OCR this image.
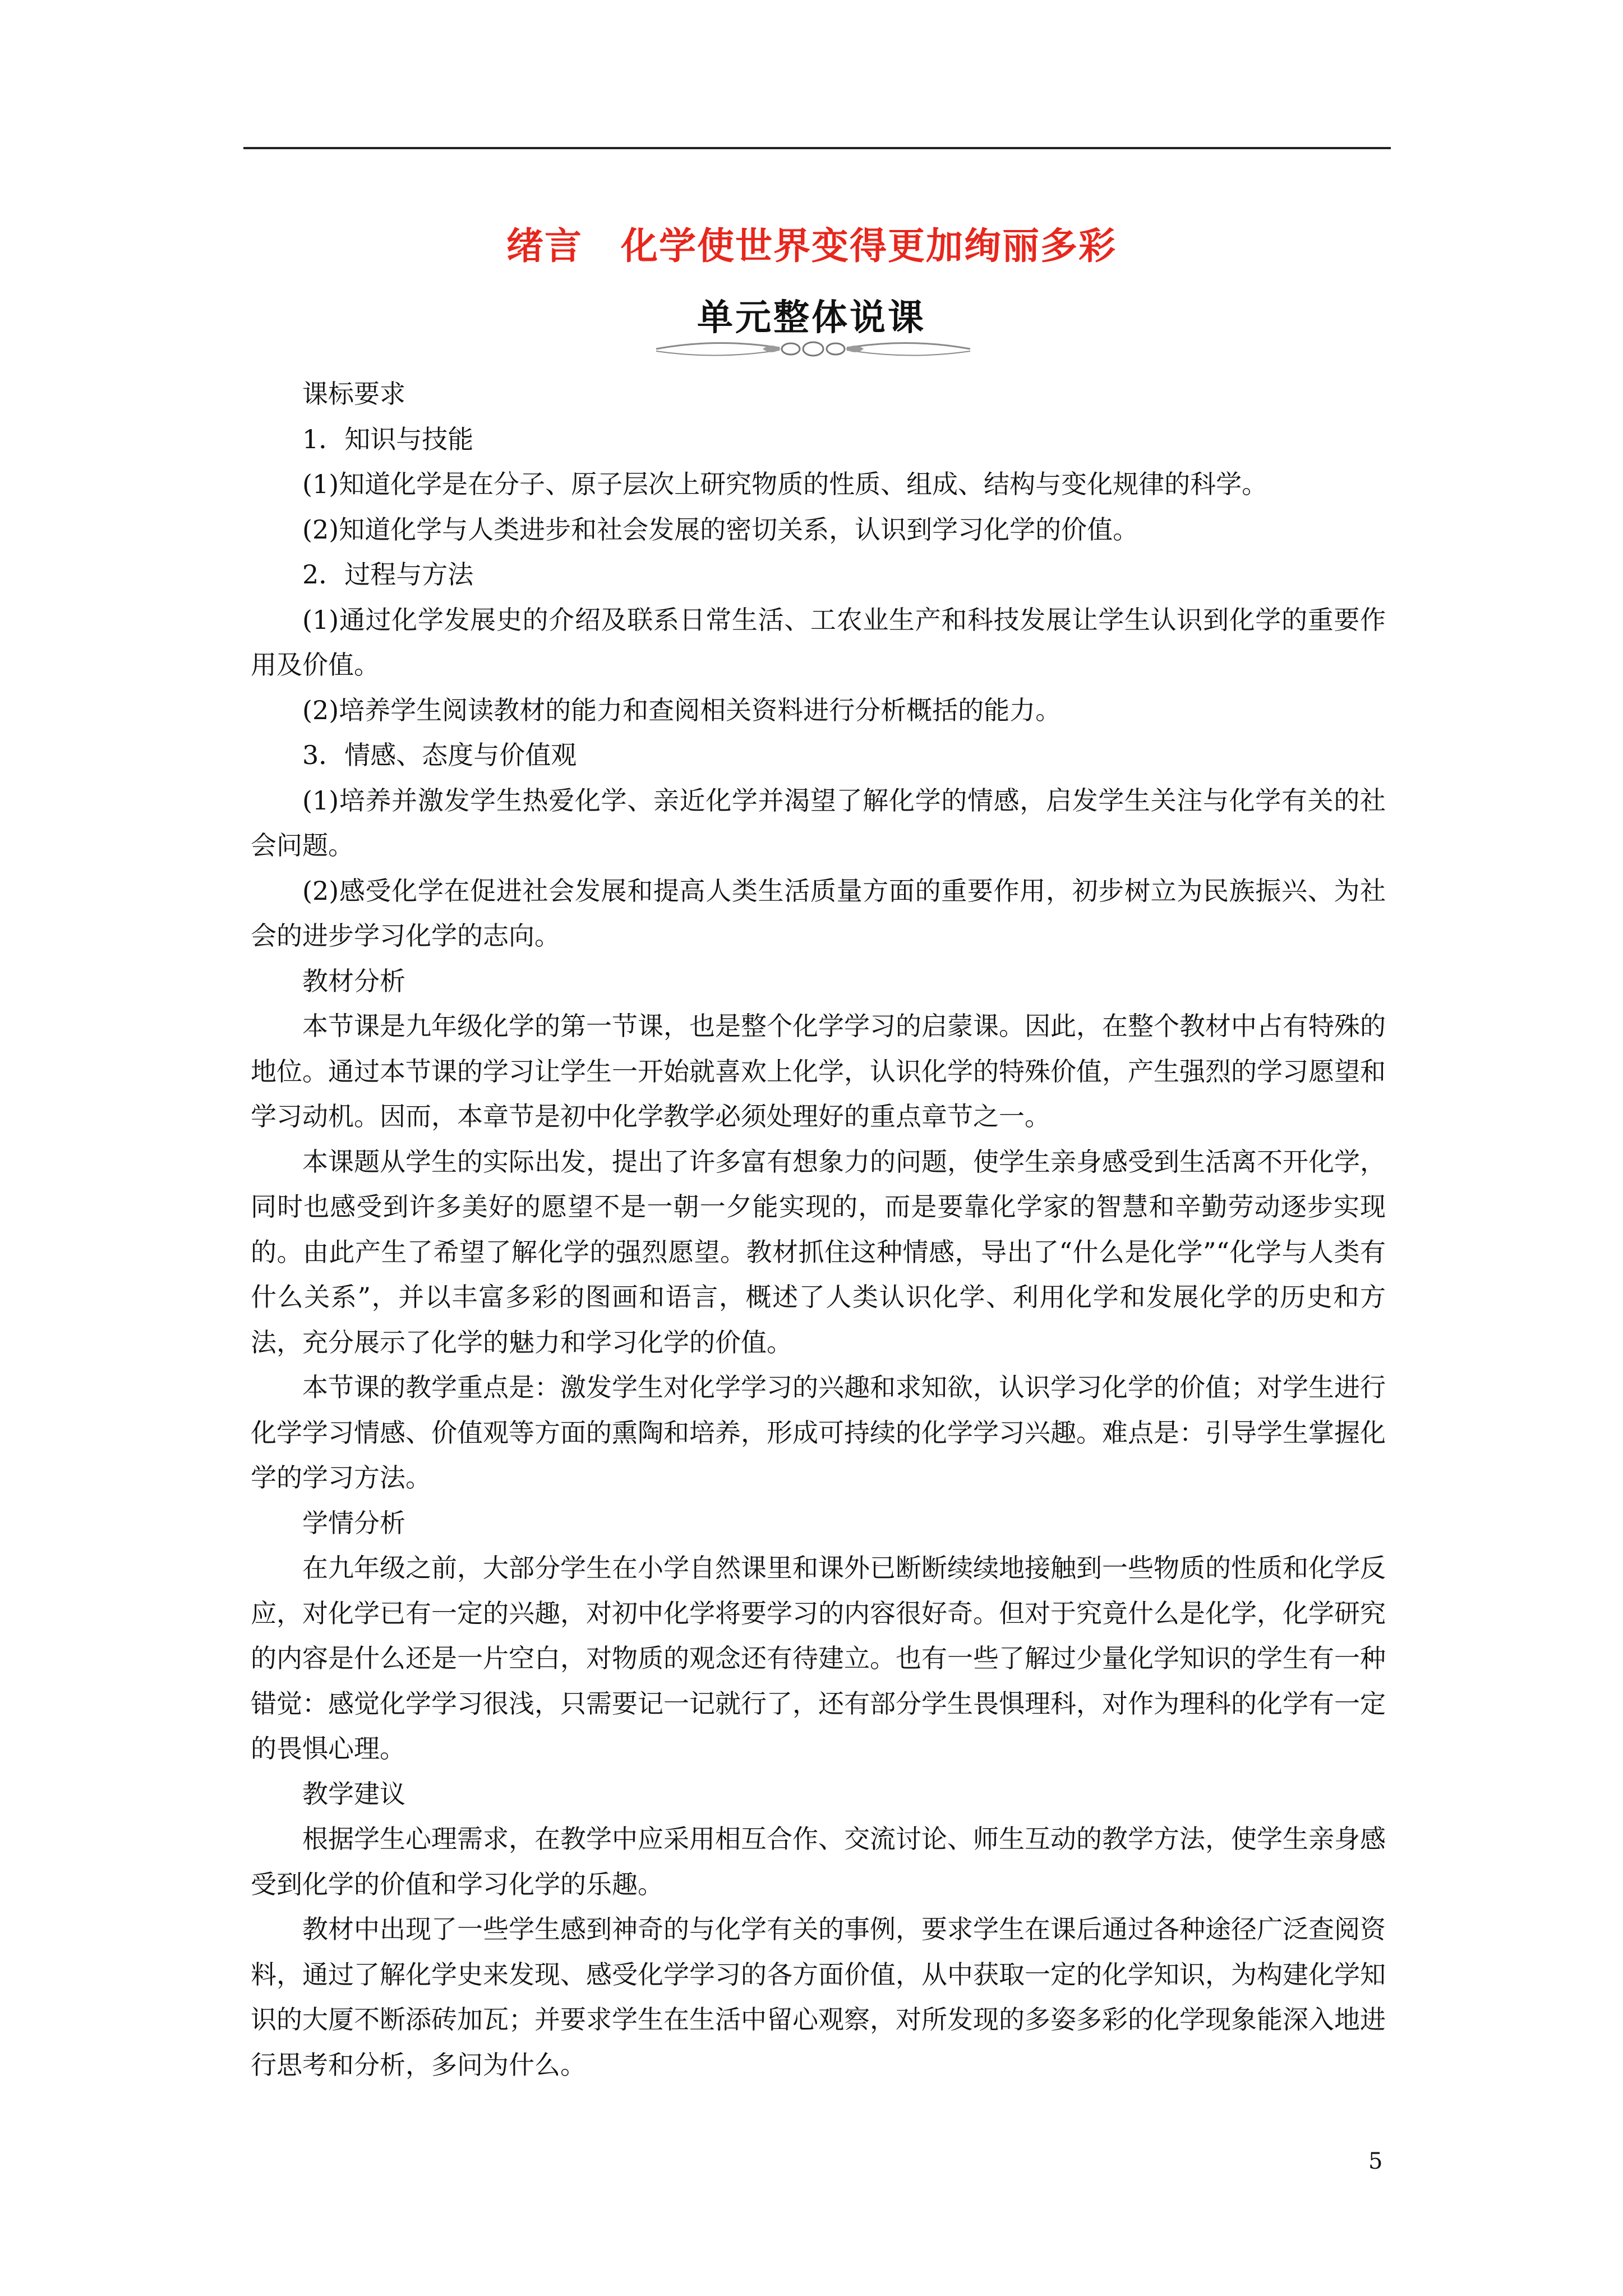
绪言　化学使世界变得更加绚丽多彩
单元整体说课

课标要求

1．知识与技能

(1)知道化学是在分子、原子层次上研究物质的性质、组成、结构与变化规律的科学。

(2)知道化学与人类进步和社会发展的密切关系，认识到学习化学的价值。

2．过程与方法

(1)通过化学发展史的介绍及联系日常生活、工农业生产和科技发展让学生认识到化学的重要作用及价值。

(2)培养学生阅读教材的能力和查阅相关资料进行分析概括的能力。

3．情感、态度与价值观

(1)培养并激发学生热爱化学、亲近化学并渴望了解化学的情感，启发学生关注与化学有关的社会问题。

(2)感受化学在促进社会发展和提高人类生活质量方面的重要作用，初步树立为民族振兴、为社会的进步学习化学的志向。

教材分析

本节课是九年级化学的第一节课，也是整个化学学习的启蒙课。因此，在整个教材中占有特殊的地位。通过本节课的学习让学生一开始就喜欢上化学，认识化学的特殊价值，产生强烈的学习愿望和学习动机。因而，本章节是初中化学教学必须处理好的重点章节之一。

本课题从学生的实际出发，提出了许多富有想象力的问题，使学生亲身感受到生活离不开化学，同时也感受到许多美好的愿望不是一朝一夕能实现的，而是要靠化学家的智慧和辛勤劳动逐步实现的。由此产生了希望了解化学的强烈愿望。教材抓住这种情感，导出了“什么是化学”“化学与人类有什么关系”，并以丰富多彩的图画和语言，概述了人类认识化学、利用化学和发展化学的历史和方法，充分展示了化学的魅力和学习化学的价值。

本节课的教学重点是：激发学生对化学学习的兴趣和求知欲，认识学习化学的价值；对学生进行化学学习情感、价值观等方面的熏陶和培养，形成可持续的化学学习兴趣。难点是：引导学生掌握化学的学习方法。

学情分析

在九年级之前，大部分学生在小学自然课里和课外已断断续续地接触到一些物质的性质和化学反应，对化学已有一定的兴趣，对初中化学将要学习的内容很好奇。但对于究竟什么是化学，化学研究的内容是什么还是一片空白，对物质的观念还有待建立。也有一些了解过少量化学知识的学生有一种错觉：感觉化学学习很浅，只需要记一记就行了，还有部分学生畏惧理科，对作为理科的化学有一定的畏惧心理。

教学建议

根据学生心理需求，在教学中应采用相互合作、交流讨论、师生互动的教学方法，使学生亲身感受到化学的价值和学习化学的乐趣。

教材中出现了一些学生感到神奇的与化学有关的事例，要求学生在课后通过各种途径广泛查阅资料，通过了解化学史来发现、感受化学学习的各方面价值，从中获取一定的化学知识，为构建化学知识的大厦不断添砖加瓦；并要求学生在生活中留心观察，对所发现的多姿多彩的化学现象能深入地进行思考和分析，多问为什么。

5
